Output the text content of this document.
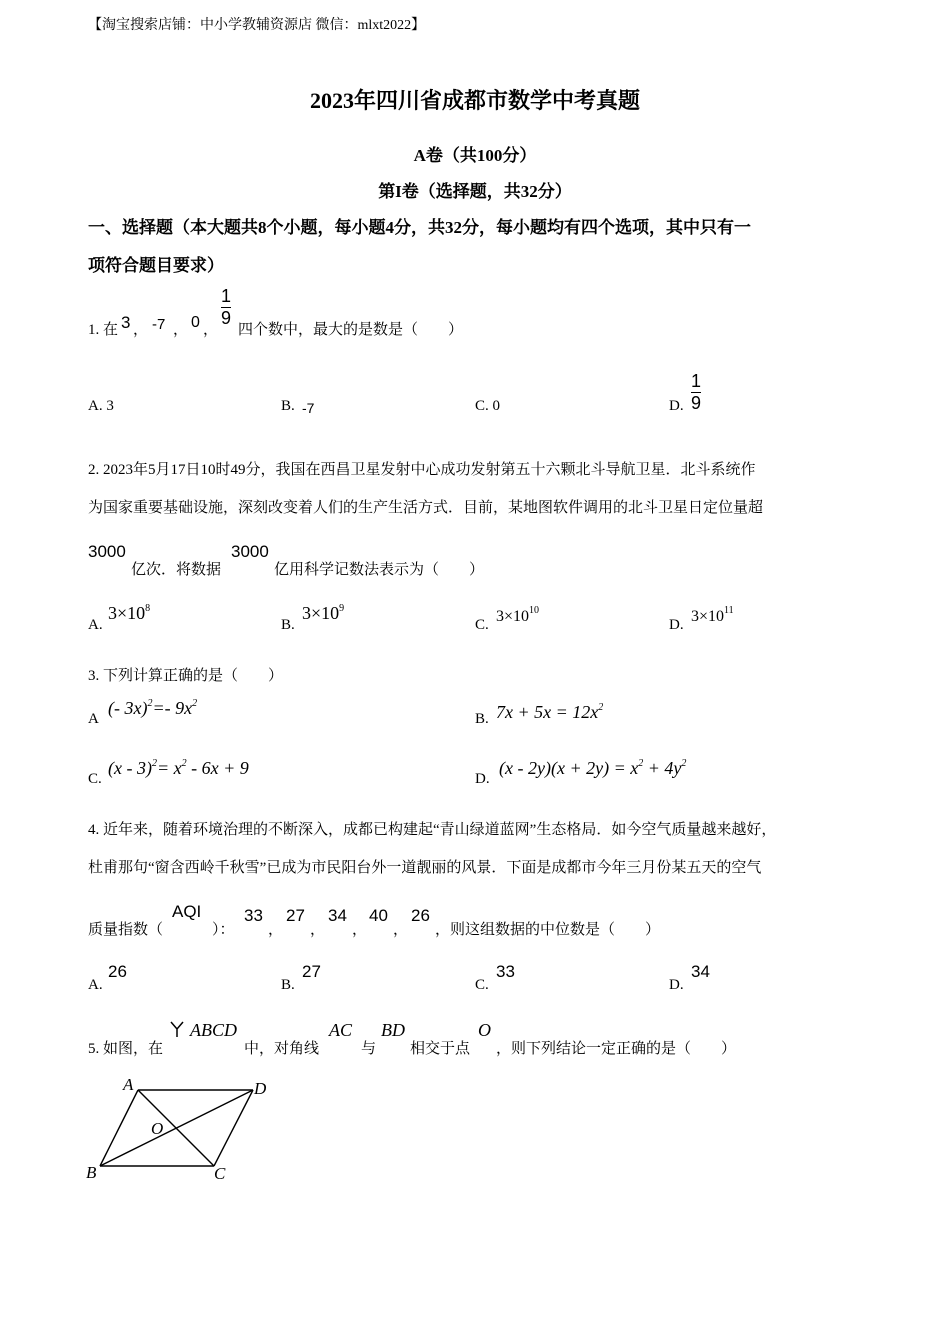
【淘宝搜索店铺：中小学教辅资源店 微信：mlxt2022】
2023年四川省成都市数学中考真题
A卷（共100分）
第I卷（选择题，共32分）
一、选择题（本大题共8个小题，每小题4分，共32分，每小题均有四个选项，其中只有一
项符合题目要求）
1. 在 3 ， -7 ， 0 ，
1
9
四个数中，最大的是数是（　　）
A. 3	B. -7	C. 0	D.
1
9
2. 2023年5月17日10时49分，我国在西昌卫星发射中心成功发射第五十六颗北斗导航卫星．北斗系统作
为国家重要基础设施，深刻改变着人们的生产生活方式．目前，某地图软件调用的北斗卫星日定位量超
3000
亿次．将数据
3000
亿用科学记数法表示为（　　）
A.
$3\times 10^8$
B.
$3\times 10^9$
C. $3\times 10^{10}$
D. $3\times 10^{11}$
3. 下列计算正确的是（　　）
A
(- 3x)$^2$=- $9x^2$
B. $7x + 5x = 12x^2$
C.
$(x - 3)^2= x^2 - 6x + 9$
D.
$(x - 2y)(x + 2y) = x^2 + 4y^2$
4. 近年来，随着环境治理的不断深入，成都已构建起“青山绿道蓝网”生态格局．如今空气质量越来越好，
杜甫那句“窗含西岭千秋雪”已成为市民阳台外一道靓丽的风景．下面是成都市今年三月份某五天的空气
质量指数（
AQI
）：
33
，
27
，
34
，
40
，
26
，则这组数据的中位数是（　　）
A.
26
B.
27
C.
33
D.
34
5. 如图，在
ABCD
中，对角线
AC
与
BD
相交于点
O
，则下列结论一定正确的是（　　）
A	D
B	C
O
